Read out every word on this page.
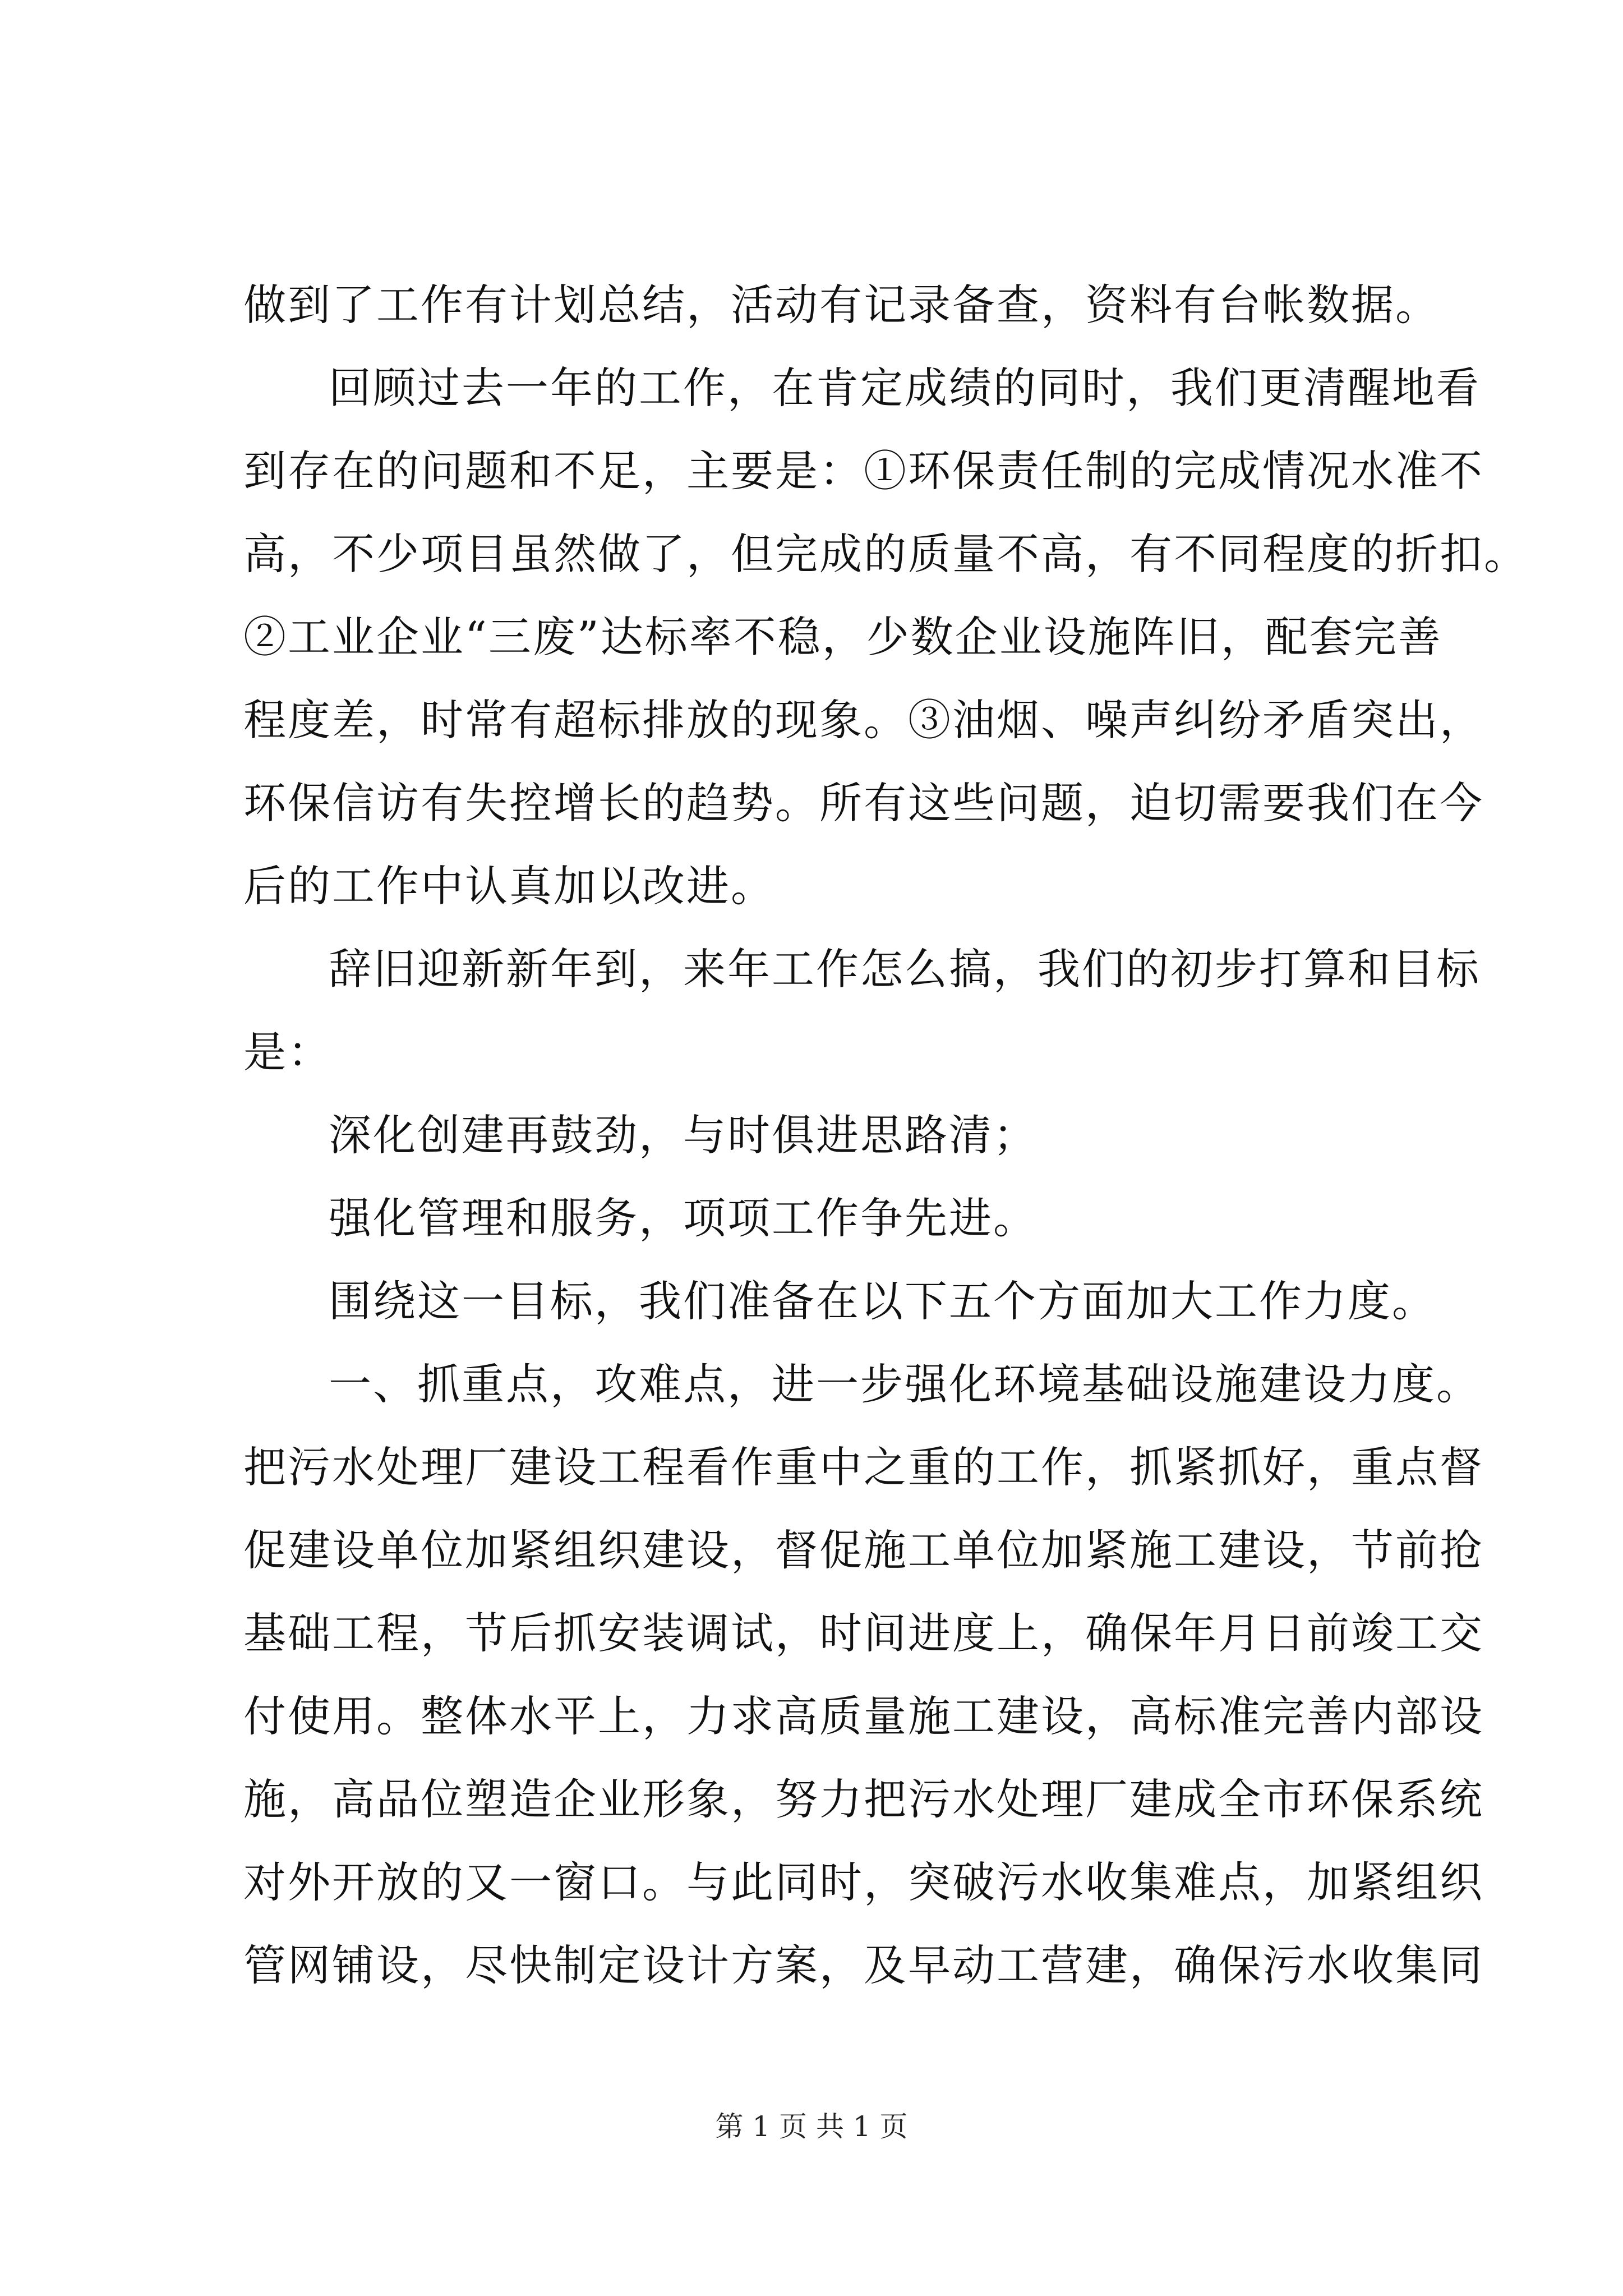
做到了工作有计划总结，活动有记录备查，资料有台帐数据。
回顾过去一年的工作，在肯定成绩的同时，我们更清醒地看
到存在的问题和不足，主要是：①环保责任制的完成情况水准不
高，不少项目虽然做了，但完成的质量不高，有不同程度的折扣。
②工业企业“三废”达标率不稳，少数企业设施阵旧，配套完善
程度差，时常有超标排放的现象。③油烟、噪声纠纷矛盾突出，
环保信访有失控增长的趋势。所有这些问题，迫切需要我们在今
后的工作中认真加以改进。
辞旧迎新新年到，来年工作怎么搞，我们的初步打算和目标
是：
深化创建再鼓劲，与时俱进思路清；
强化管理和服务，项项工作争先进。
围绕这一目标，我们准备在以下五个方面加大工作力度。
一、抓重点，攻难点，进一步强化环境基础设施建设力度。
把污水处理厂建设工程看作重中之重的工作，抓紧抓好，重点督
促建设单位加紧组织建设，督促施工单位加紧施工建设，节前抢
基础工程，节后抓安装调试，时间进度上，确保年月日前竣工交
付使用。整体水平上，力求高质量施工建设，高标准完善内部设
施，高品位塑造企业形象，努力把污水处理厂建成全市环保系统
对外开放的又一窗口。与此同时，突破污水收集难点，加紧组织
管网铺设，尽快制定设计方案，及早动工营建，确保污水收集同
第 1 页 共 1 页
